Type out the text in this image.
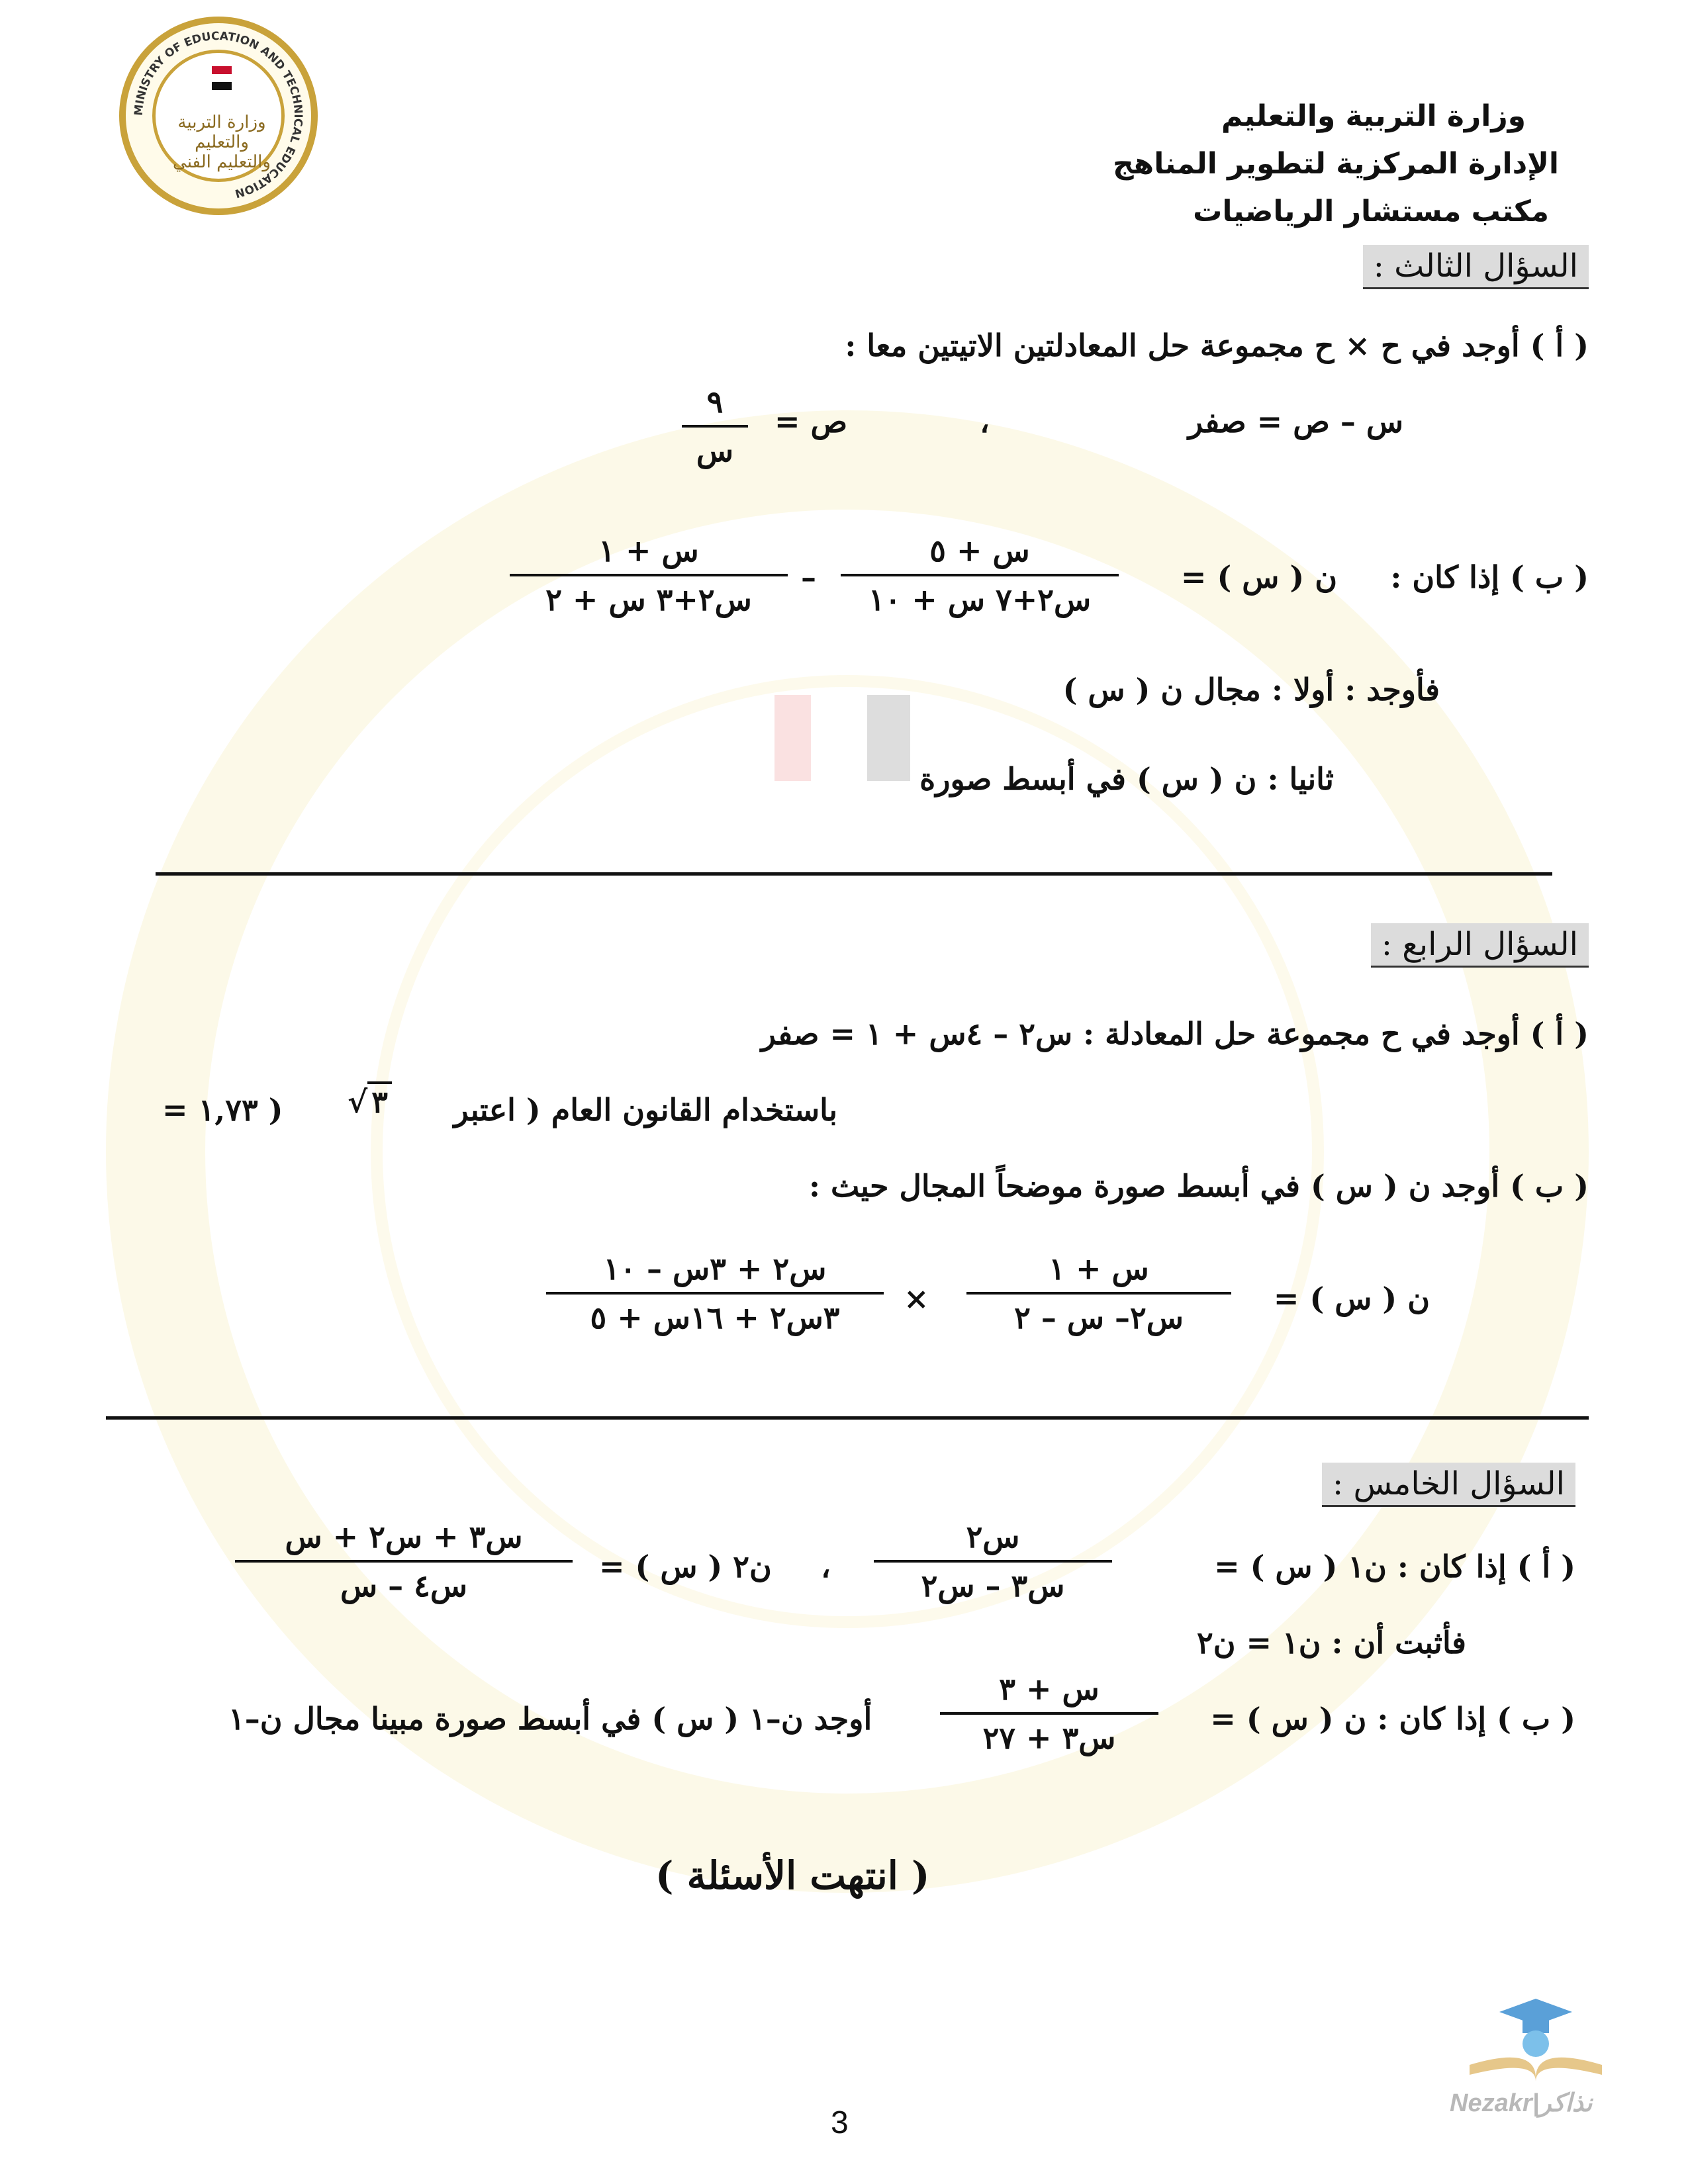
وزارة التربية والتعليم والتعليم الفني
MINISTRY OF EDUCATION AND TECHNICAL EDUCATION
وزارة التربية والتعليم
الإدارة المركزية لتطوير المناهج
مكتب مستشار الرياضيات
السؤال الثالث :
( أ ) أوجد في ح × ح مجموعة حل المعادلتين الاتيتين معا :
س – ص = صفر
،
ص =
٩
س
( ب ) إذا كان :
ن ( س ) =
س + ٥
س٢+٧ س + ١٠
–
س + ١
س٢+٣ س + ٢
فأوجد : أولا : مجال ن ( س )
ثانيا : ن ( س ) في أبسط صورة
السؤال الرابع :
( أ ) أوجد في ح مجموعة حل المعادلة : س٢ – ٤س + ١ = صفر
باستخدام القانون العام ( اعتبر
√ ٣
= ١,٧٣ )
( ب ) أوجد ن ( س ) في أبسط صورة موضحاً المجال حيث :
ن ( س ) =
س + ١
س٢– س – ٢
×
س٢ + ٣س – ١٠
٣س٢ + ١٦س + ٥
السؤال الخامس :
( أ ) إذا كان : ن١ ( س ) =
س٢
س٣ – س٢
،
ن٢ ( س ) =
س٣ + س٢ + س
س٤ – س
فأثبت أن : ن١ = ن٢
( ب ) إذا كان : ن ( س ) =
س + ٣
س٣ + ٢٧
أوجد ن–١ ( س ) في أبسط صورة مبينا مجال ن–١
( انتهت الأسئلة )
3
Nezakr|نذاكر
